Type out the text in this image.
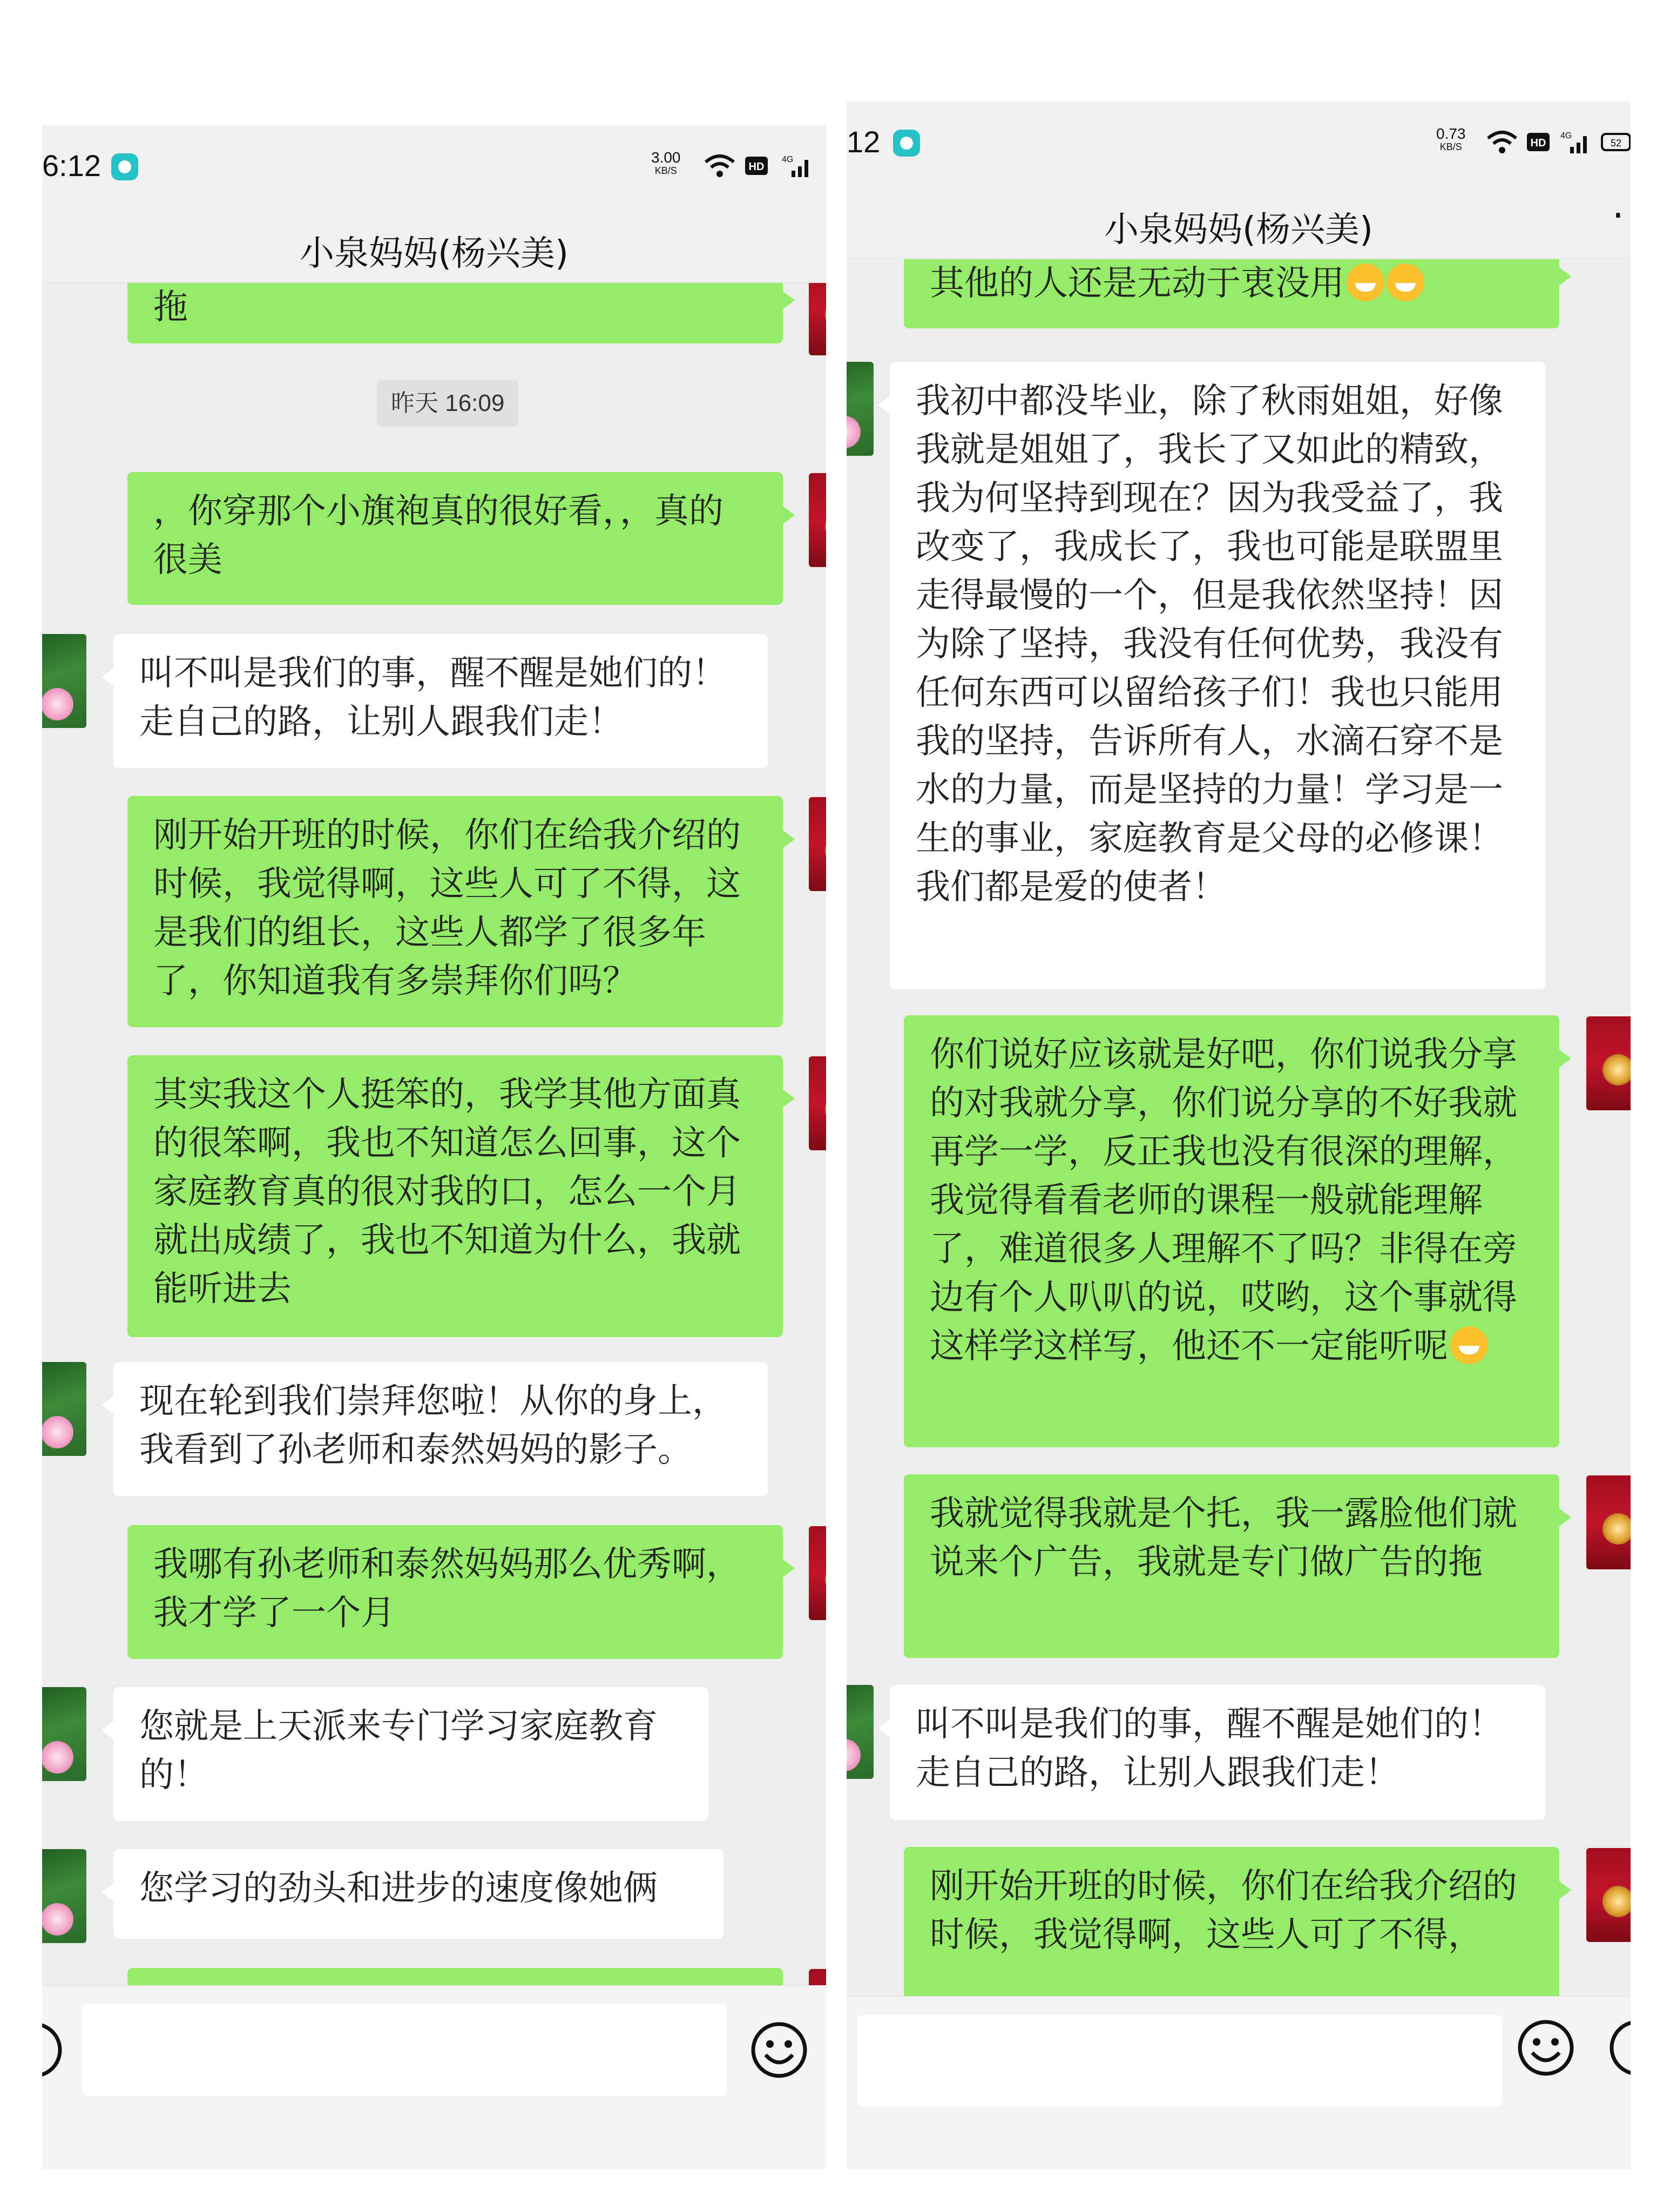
6:12	3.00
KB/S	HD
4G
小泉妈妈(杨兴美)
拖
昨天 16:09
，你穿那个小旗袍真的很好看，，真的很美
叫不叫是我们的事，醒不醒是她们的！走自己的路，让别人跟我们走！
刚开始开班的时候，你们在给我介绍的时候，我觉得啊，这些人可了不得，这是我们的组长，这些人都学了很多年了，你知道我有多崇拜你们吗？
其实我这个人挺笨的，我学其他方面真的很笨啊，我也不知道怎么回事，这个家庭教育真的很对我的口，怎么一个月就出成绩了，我也不知道为什么，我就能听进去
现在轮到我们崇拜您啦！从你的身上，我看到了孙老师和泰然妈妈的影子。
我哪有孙老师和泰然妈妈那么优秀啊，我才学了一个月
您就是上天派来专门学习家庭教育的！
您学习的劲头和进步的速度像她俩
12	0.73
KB/S	HD
4G
52
小泉妈妈(杨兴美)	·
其他的人还是无动于衷没用
我初中都没毕业，除了秋雨姐姐，好像我就是姐姐了，我长了又如此的精致，我为何坚持到现在？因为我受益了，我改变了，我成长了，我也可能是联盟里走得最慢的一个，但是我依然坚持！因为除了坚持，我没有任何优势，我没有任何东西可以留给孩子们！我也只能用我的坚持，告诉所有人，水滴石穿不是水的力量，而是坚持的力量！学习是一生的事业，家庭教育是父母的必修课！我们都是爱的使者！
你们说好应该就是好吧，你们说我分享的对我就分享，你们说分享的不好我就再学一学，反正我也没有很深的理解，我觉得看看老师的课程一般就能理解了，难道很多人理解不了吗？非得在旁边有个人叭叭的说，哎哟，这个事就得这样学这样写，他还不一定能听呢
我就觉得我就是个托，我一露脸他们就说来个广告，我就是专门做广告的拖
叫不叫是我们的事，醒不醒是她们的！走自己的路，让别人跟我们走！
刚开始开班的时候，你们在给我介绍的时候，我觉得啊，这些人可了不得，
